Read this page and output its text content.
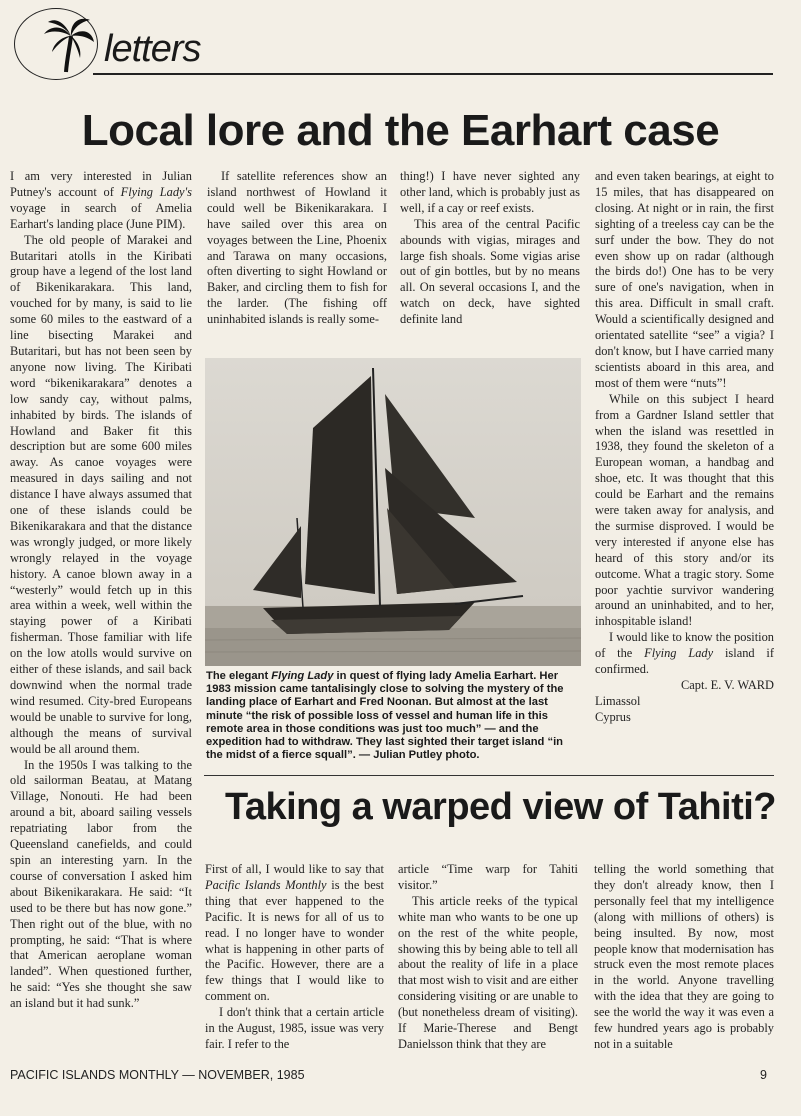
letters
Local lore and the Earhart case

I am very interested in Julian Putney's account of Flying Lady's voyage in search of Amelia Earhart's landing place (June PIM).

The old people of Marakei and Butaritari atolls in the Kiribati group have a legend of the lost land of Bikenikarakara. This land, vouched for by many, is said to lie some 60 miles to the eastward of a line bisecting Marakei and Butaritari, but has not been seen by anyone now living. The Kiribati word “bikenikarakara” denotes a low sandy cay, without palms, inhabited by birds. The islands of Howland and Baker fit this description but are some 600 miles away. As canoe voyages were measured in days sailing and not distance I have always assumed that one of these islands could be Bikenikarakara and that the distance was wrongly judged, or more likely wrongly relayed in the voyage history. A canoe blown away in a “westerly” would fetch up in this area within a week, well within the staying power of a Kiribati fisherman. Those familiar with life on the low atolls would survive on either of these islands, and sail back downwind when the normal trade wind resumed. City-bred Europeans would be unable to survive for long, although the means of survival would be all around them.

In the 1950s I was talking to the old sailorman Beatau, at Matang Village, Nonouti. He had been around a bit, aboard sailing vessels repatriating labor from the Queensland canefields, and could spin an interesting yarn. In the course of conversation I asked him about Bikenikarakara. He said: “It used to be there but has now gone.” Then right out of the blue, with no prompting, he said: “That is where that American aeroplane woman landed”. When questioned further, he said: “Yes she thought she saw an island but it had sunk.”

If satellite references show an island northwest of Howland it could well be Bikenikarakara. I have sailed over this area on voyages between the Line, Phoenix and Tarawa on many occasions, often diverting to sight Howland or Baker, and circling them to fish for the larder. (The fishing off uninhabited islands is really some-

thing!) I have never sighted any other land, which is probably just as well, if a cay or reef exists.

This area of the central Pacific abounds with vigias, mirages and large fish shoals. Some vigias arise out of gin bottles, but by no means all. On several occasions I, and the watch on deck, have sighted definite land

and even taken bearings, at eight to 15 miles, that has disappeared on closing. At night or in rain, the first sighting of a treeless cay can be the surf under the bow. They do not even show up on radar (although the birds do!) One has to be very sure of one's navigation, when in this area. Difficult in small craft. Would a scientifically designed and orientated satellite “see” a vigia? I don't know, but I have carried many scientists aboard in this area, and most of them were “nuts”!

While on this subject I heard from a Gardner Island settler that when the island was resettled in 1938, they found the skeleton of a European woman, a handbag and shoe, etc. It was thought that this could be Earhart and the remains were taken away for analysis, and the surmise disproved. I would be very interested if anyone else has heard of this story and/or its outcome. What a tragic story. Some poor yachtie survivor wandering around an uninhabited, and to her, inhospitable island!

I would like to know the position of the Flying Lady island if confirmed.

Capt. E. V. WARD
Limassol
Cyprus
The elegant Flying Lady in quest of flying lady Amelia Earhart. Her 1983 mission came tantalisingly close to solving the mystery of the landing place of Earhart and Fred Noonan. But almost at the last minute “the risk of possible loss of vessel and human life in this remote area in those conditions was just too much” — and the expedition had to withdraw. They last sighted their target island “in the midst of a fierce squall”. — Julian Putley photo.
Taking a warped view of Tahiti?

First of all, I would like to say that Pacific Islands Monthly is the best thing that ever happened to the Pacific. It is news for all of us to read. I no longer have to wonder what is happening in other parts of the Pacific. However, there are a few things that I would like to comment on.

I don't think that a certain article in the August, 1985, issue was very fair. I refer to the

article “Time warp for Tahiti visitor.”

This article reeks of the typical white man who wants to be one up on the rest of the white people, showing this by being able to tell all about the reality of life in a place that most wish to visit and are either considering visiting or are unable to (but nonetheless dream of visiting). If Marie-Therese and Bengt Danielsson think that they are

telling the world something that they don't already know, then I personally feel that my intelligence (along with millions of others) is being insulted. By now, most people know that modernisation has struck even the most remote places in the world. Anyone travelling with the idea that they are going to see the world the way it was even a few hundred years ago is probably not in a suitable

PACIFIC ISLANDS MONTHLY — NOVEMBER, 1985	9
